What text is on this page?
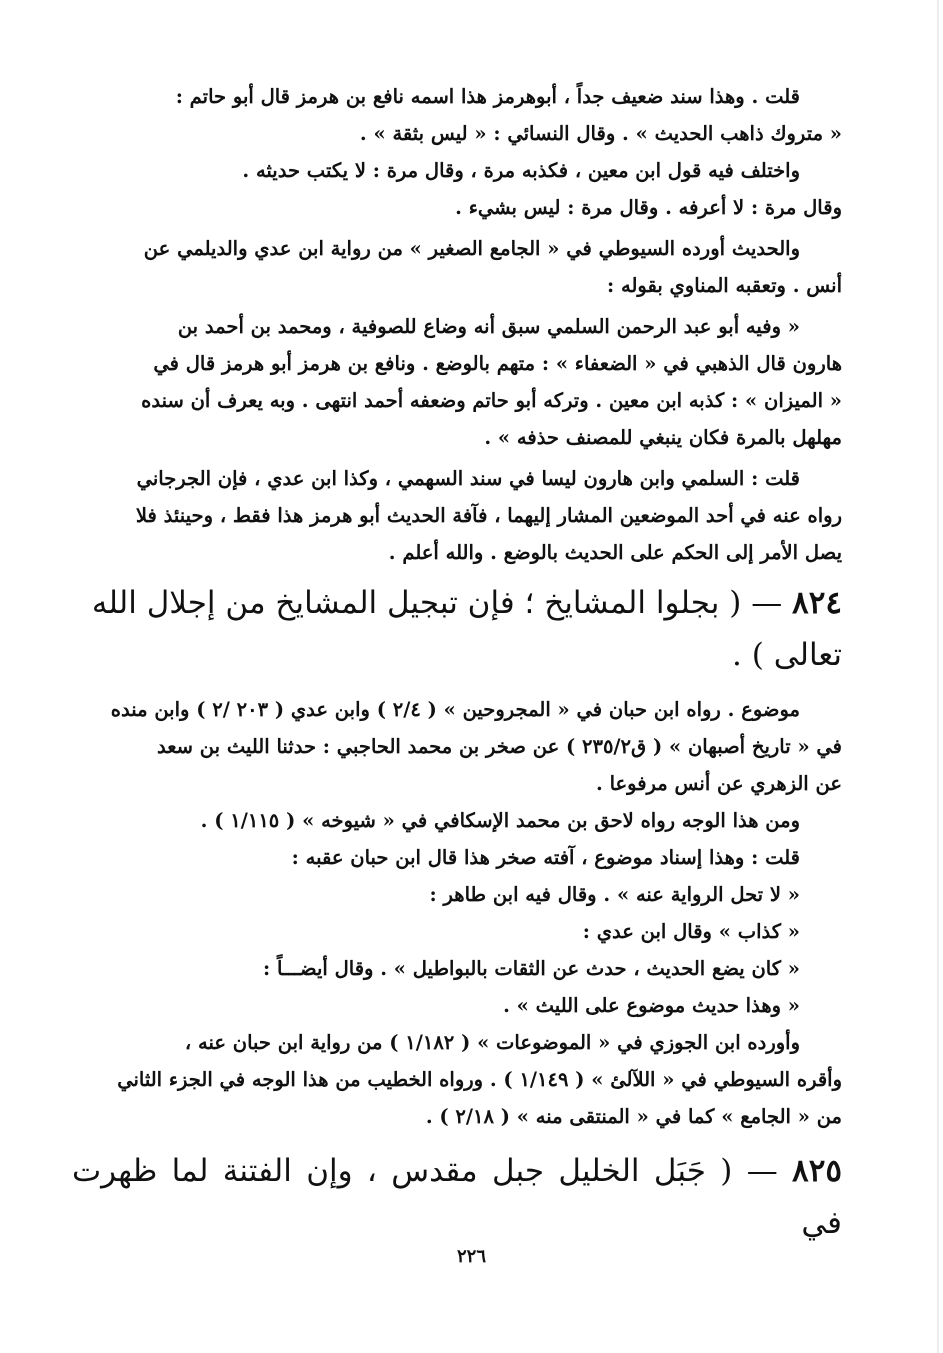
قلت . وهذا سند ضعيف جداً ، أبوهرمز هذا اسمه نافع بن هرمز قال أبو حاتم :
« متروك ذاهب الحديث » . وقال النسائي : « ليس بثقة » .

واختلف فيه قول ابن معين ، فكذبه مرة ، وقال مرة : لا يكتب حديثه .
وقال مرة : لا أعرفه . وقال مرة : ليس بشيء .

والحديث أورده السيوطي في « الجامع الصغير » من رواية ابن عدي والديلمي عن
أنس . وتعقبه المناوي بقوله :

« وفيه أبو عبد الرحمن السلمي سبق أنه وضاع للصوفية ، ومحمد بن أحمد بن
هارون قال الذهبي في « الضعفاء » : متهم بالوضع . ونافع بن هرمز أبو هرمز قال في
« الميزان » : كذبه ابن معين . وتركه أبو حاتم وضعفه أحمد انتهى . وبه يعرف أن سنده
مهلهل بالمرة فكان ينبغي للمصنف حذفه » .

قلت : السلمي وابن هارون ليسا في سند السهمي ، وكذا ابن عدي ، فإن الجرجاني
رواه عنه في أحد الموضعين المشار إليهما ، فآفة الحديث أبو هرمز هذا فقط ، وحينئذ فلا
يصل الأمر إلى الحكم على الحديث بالوضع . والله أعلم .

٨٢٤ — ( بجلوا المشايخ ؛ فإن تبجيل المشايخ من إجلال الله
تعالى ) .

موضوع . رواه ابن حبان في « المجروحين » ( ٢/٤ ) وابن عدي ( ٢٠٣ /٢ ) وابن منده
في « تاريخ أصبهان » ( ق٢٣٥/٢ ) عن صخر بن محمد الحاجبي : حدثنا الليث بن سعد
عن الزهري عن أنس مرفوعا .

ومن هذا الوجه رواه لاحق بن محمد الإسكافي في « شيوخه » ( ١/١١٥ ) .

قلت : وهذا إسناد موضوع ، آفته صخر هذا قال ابن حبان عقبه :
« لا تحل الرواية عنه » . وقال فيه ابن طاهر :
« كذاب » وقال ابن عدي :
« كان يضع الحديث ، حدث عن الثقات بالبواطيل » . وقال أيضـــاً :
« وهذا حديث موضوع على الليث » .

وأورده ابن الجوزي في « الموضوعات » ( ١/١٨٢ ) من رواية ابن حبان عنه ،
وأقره السيوطي في « اللآلئ » ( ١/١٤٩ ) . ورواه الخطيب من هذا الوجه في الجزء الثاني
من « الجامع » كما في « المنتقى منه » ( ٢/١٨ ) .

٨٢٥ — ( جَبَل الخليل جبل مقدس ، وإن الفتنة لما ظهرت في
٢٢٦
